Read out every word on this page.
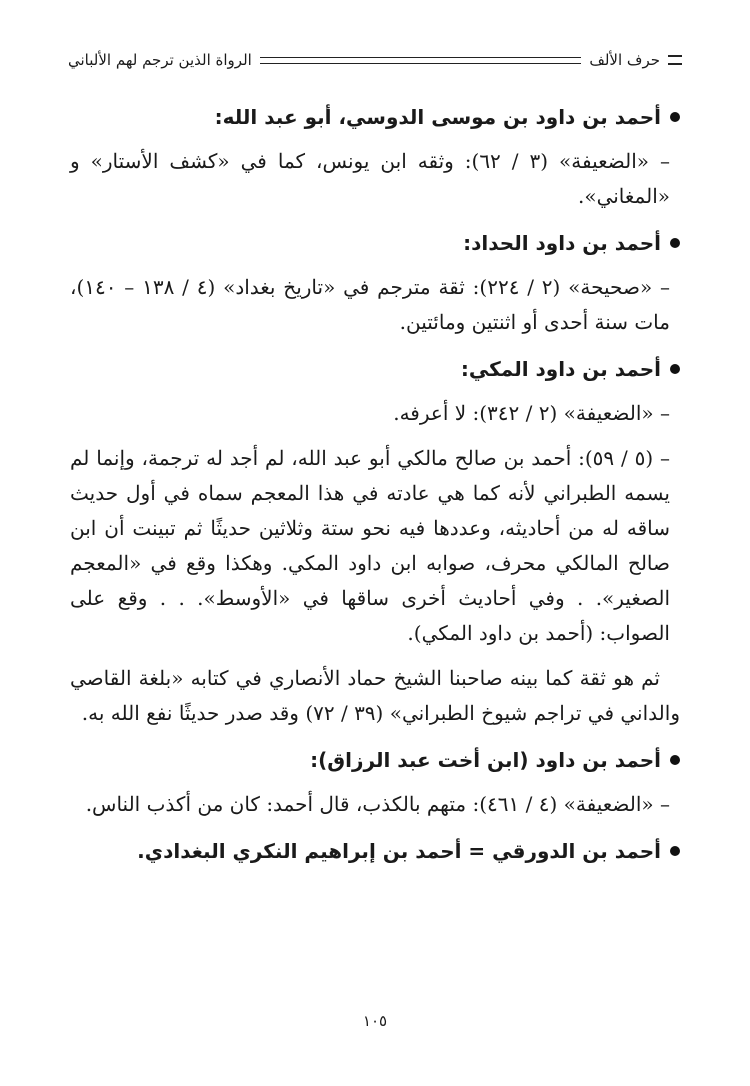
حرف الألف
الرواة الذين ترجم لهم الألباني
أحمد بن داود بن موسى الدوسي، أبو عبد الله:

– «الضعيفة» (٣ / ٦٢): وثقه ابن يونس، كما في «كشف الأستار» و «المغاني».

أحمد بن داود الحداد:

– «صحيحة» (٢ / ٢٢٤): ثقة مترجم في «تاريخ بغداد» (٤ / ١٣٨ – ١٤٠)، مات سنة أحدى أو اثنتين ومائتين.

أحمد بن داود المكي:

– «الضعيفة» (٢ / ٣٤٢): لا أعرفه.

– (٥ / ٥٩): أحمد بن صالح مالكي أبو عبد الله، لم أجد له ترجمة، وإنما لم يسمه الطبراني لأنه كما هي عادته في هذا المعجم سماه في أول حديث ساقه له من أحاديثه، وعددها فيه نحو ستة وثلاثين حديثًا ثم تبينت أن ابن صالح المالكي محرف، صوابه ابن داود المكي. وهكذا وقع في «المعجم الصغير». . وفي أحاديث أخرى ساقها في «الأوسط». . . وقع على الصواب: (أحمد بن داود المكي).

ثم هو ثقة كما بينه صاحبنا الشيخ حماد الأنصاري في كتابه «بلغة القاصي والداني في تراجم شيوخ الطبراني» (٣٩ / ٧٢) وقد صدر حديثًا نفع الله به.

أحمد بن داود (ابن أخت عبد الرزاق):

– «الضعيفة» (٤ / ٤٦١): متهم بالكذب، قال أحمد: كان من أكذب الناس.

أحمد بن الدورقي = أحمد بن إبراهيم النكري البغدادي.
١٠٥
